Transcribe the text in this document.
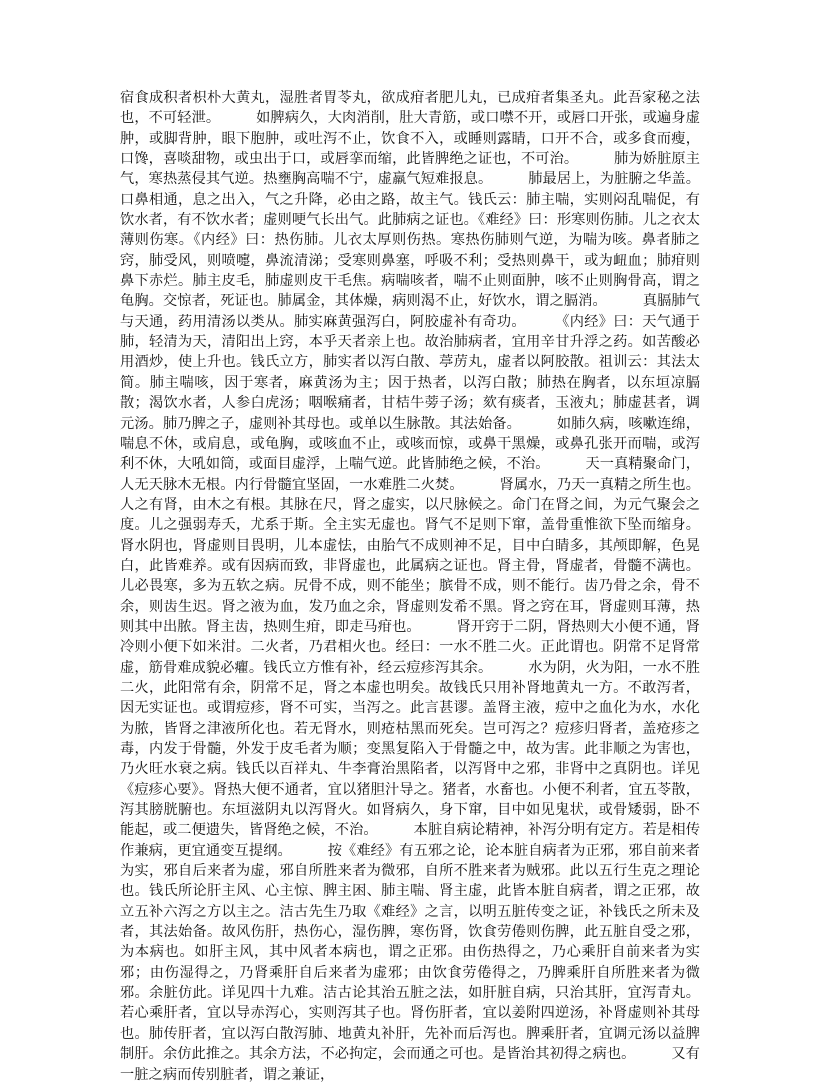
宿食成积者枳朴大黄丸，湿胜者胃苓丸，欲成疳者肥儿丸，已成疳者集圣丸。此吾家秘之法也，不可轻泄。	如脾病久，大肉消削，肚大青筋，或口噤不开，或唇口开张，或遍身虚肿，或脚背肿，眼下胞肿，或吐泻不止，饮食不入，或睡则露睛，口开不合，或多食而瘦，口馋，喜啖甜物，或虫出于口，或唇挛而缩，此皆脾绝之证也，不可治。	肺为娇脏原主气，寒热蒸侵其气逆。热壅胸高喘不宁，虚羸气短难报息。	肺最居上，为脏腑之华盖。口鼻相通，息之出入，气之升降，必由之路，故主气。钱氏云：肺主喘，实则闷乱喘促，有饮水者，有不饮水者；虚则哽气长出气。此肺病之证也。《难经》曰：形寒则伤肺。儿之衣太薄则伤寒。《内经》曰：热伤肺。儿衣太厚则伤热。寒热伤肺则气逆，为喘为咳。鼻者肺之窍，肺受风，则喷嚏，鼻流清涕；受寒则鼻塞，呼吸不利；受热则鼻干，或为衄血；肺疳则鼻下赤烂。肺主皮毛，肺虚则皮干毛焦。病喘咳者，喘不止则面肿，咳不止则胸骨高，谓之龟胸。交惊者，死证也。肺属金，其体燥，病则渴不止，好饮水，谓之膈消。	真膈肺气与天通，药用清汤以类从。肺实麻黄强泻白，阿胶虚补有奇功。	《内经》曰：天气通于肺，轻清为天，清阳出上窍，本乎天者亲上也。故治肺病者，宜用辛甘升浮之药。如苦酸必用酒炒，使上升也。钱氏立方，肺实者以泻白散、葶苈丸，虚者以阿胶散。祖训云：其法太简。肺主喘咳，因于寒者，麻黄汤为主；因于热者，以泻白散；肺热在胸者，以东垣凉膈散；渴饮水者，人参白虎汤；咽喉痛者，甘桔牛蒡子汤；欬有痰者，玉液丸；肺虚甚者，调元汤。肺乃脾之子，虚则补其母也。或单以生脉散。其法始备。	如肺久病，咳嗽连绵，喘息不休，或肩息，或龟胸，或咳血不止，或咳而惊，或鼻干黑燥，或鼻孔张开而喘，或泻利不休，大吼如筒，或面目虚浮，上喘气逆。此皆肺绝之候，不治。	天一真精聚命门，人无天脉木无根。内行骨髓宜坚固，一水难胜二火焚。	肾属水，乃天一真精之所生也。人之有肾，由木之有根。其脉在尺，肾之虚实，以尺脉候之。命门在肾之间，为元气聚会之度。儿之强弱寿夭，尤系于斯。全主实无虚也。肾气不足则下窜，盖骨重惟欲下坠而缩身。肾水阴也，肾虚则目畏明，儿本虚怯，由胎气不成则神不足，目中白睛多，其颅即解，色晃白，此皆难养。或有因病而致，非肾虚也，此属病之证也。肾主骨，肾虚者，骨髓不满也。儿必畏寒，多为五软之病。尻骨不成，则不能坐；膑骨不成，则不能行。齿乃骨之余，骨不余，则齿生迟。肾之液为血，发乃血之余，肾虚则发希不黑。肾之窍在耳，肾虚则耳薄，热则其中出脓。肾主齿，热则生疳，即走马疳也。	肾开窍于二阴，肾热则大小便不通，肾冷则小便下如米泔。二火者，乃君相火也。经曰：一水不胜二火。正此谓也。阴常不足肾常虚，筋骨难成貌必癯。钱氏立方惟有补，经云痘疹泻其余。	水为阴，火为阳，一水不胜二火，此阳常有余，阴常不足，肾之本虚也明矣。故钱氏只用补肾地黄丸一方。不敢泻者，因无实证也。或谓痘疹，肾不可实，当泻之。此言甚谬。盖肾主液，痘中之血化为水，水化为脓，皆肾之津液所化也。若无肾水，则疮枯黑而死矣。岂可泻之？痘疹归肾者，盖疮疹之毒，内发于骨髓，外发于皮毛者为顺；变黑复陷入于骨髓之中，故为害。此非顺之为害也，乃火旺水衰之病。钱氏以百祥丸、牛李膏治黑陷者，以泻肾中之邪，非肾中之真阴也。详见《痘疹心要》。肾热大便不通者，宜以猪胆汁导之。猪者，水畜也。小便不利者，宜五苓散，泻其膀胱腑也。东垣滋阴丸以泻肾火。如肾病久，身下窜，目中如见鬼状，或骨矮弱，卧不能起，或二便遗失，皆肾绝之候，不治。	本脏自病论精神，补泻分明有定方。若是相传作兼病，更宜通变互提纲。	按《难经》有五邪之论，论本脏自病者为正邪，邪自前来者为实，邪自后来者为虚，邪自所胜来者为微邪，自所不胜来者为贼邪。此以五行生克之理论也。钱氏所论肝主风、心主惊、脾主困、肺主喘、肾主虚，此皆本脏自病者，谓之正邪，故立五补六泻之方以主之。洁古先生乃取《难经》之言，以明五脏传变之证，补钱氏之所未及者，其法始备。故风伤肝，热伤心，湿伤脾，寒伤肾，饮食劳倦则伤脾，此五脏自受之邪，为本病也。如肝主风，其中风者本病也，谓之正邪。由伤热得之，乃心乘肝自前来者为实邪；由伤湿得之，乃肾乘肝自后来者为虚邪；由饮食劳倦得之，乃脾乘肝自所胜来者为微邪。余脏仿此。详见四十九难。洁古论其治五脏之法，如肝脏自病，只治其肝，宜泻青丸。若心乘肝者，宜以导赤泻心，实则泻其子也。肾伤肝者，宜以姜附四逆汤，补肾虚则补其母也。肺传肝者，宜以泻白散泻肺、地黄丸补肝，先补而后泻也。脾乘肝者，宜调元汤以益脾制肝。余仿此推之。其余方法，不必拘定，会而通之可也。是皆治其初得之病也。	又有一脏之病而传别脏者，谓之兼证，
